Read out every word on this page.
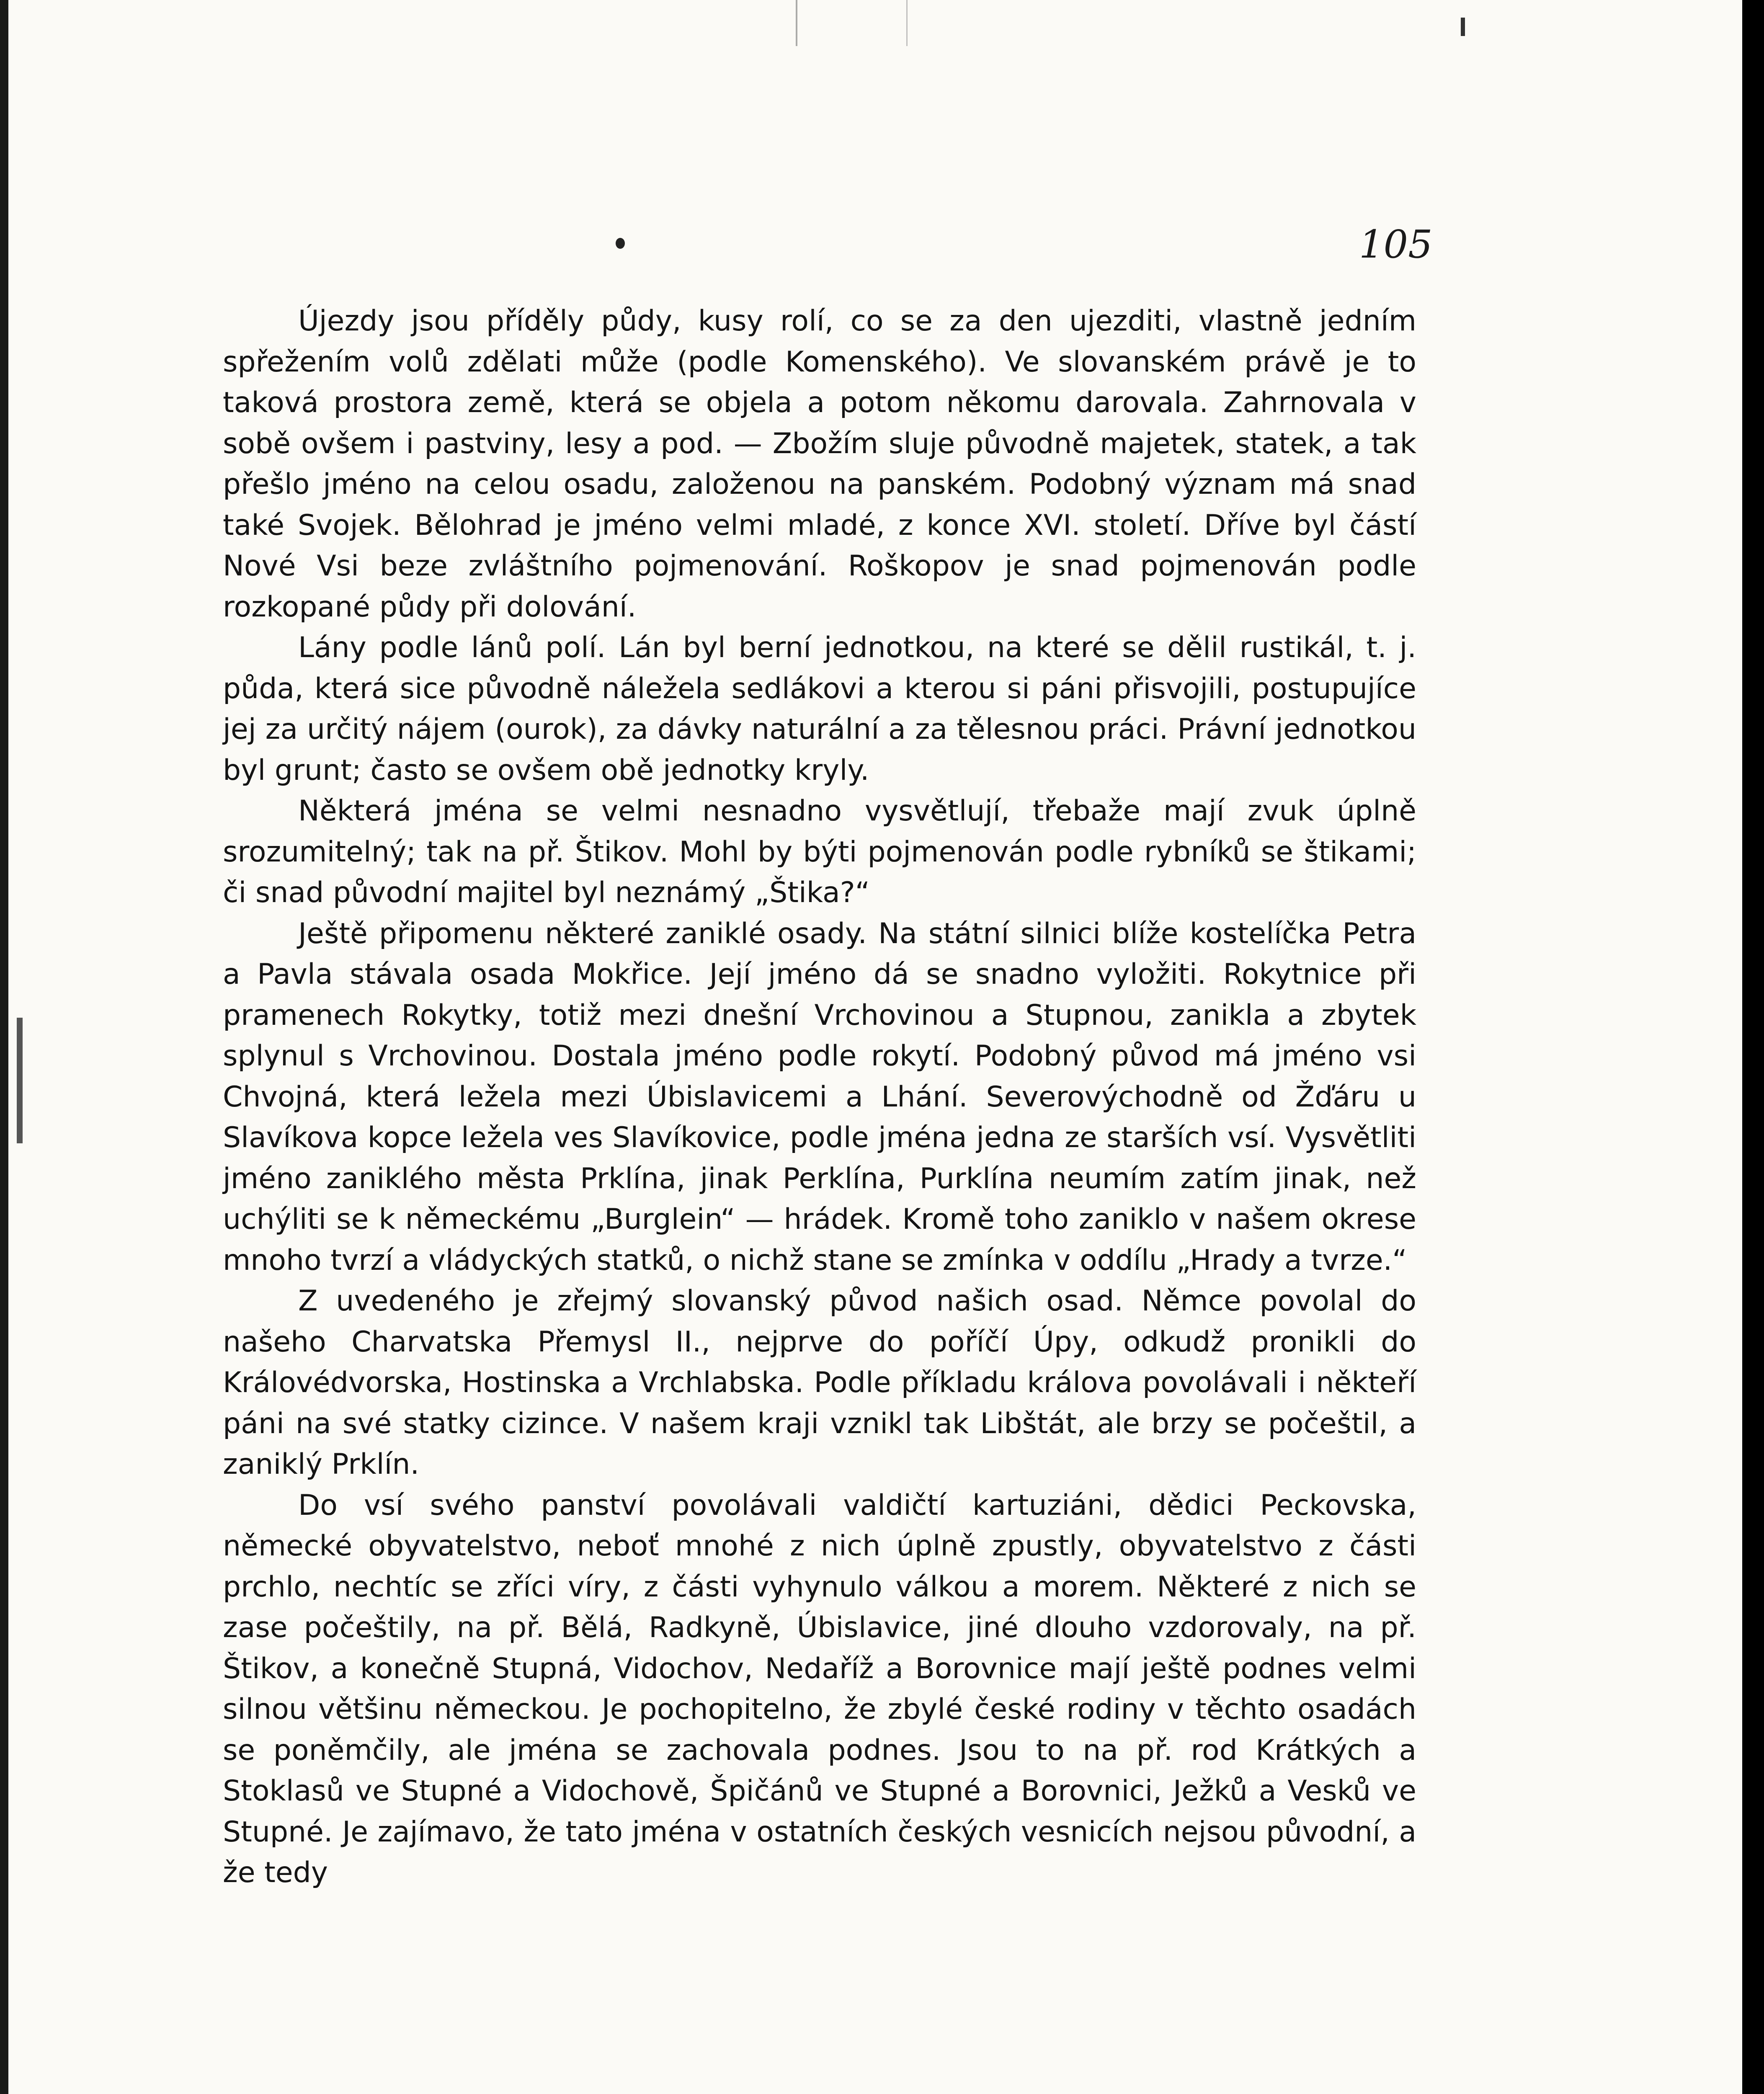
105

Újezdy jsou příděly půdy, kusy rolí, co se za den ujezditi, vlastně jedním spřežením volů zdělati může (podle Komenského). Ve slovanském právě je to taková prostora země, která se objela a potom někomu darovala. Zahrnovala v sobě ovšem i pastviny, lesy a pod. — Zbožím sluje původně majetek, statek, a tak přešlo jméno na celou osadu, založenou na panském. Podobný význam má snad také Svojek. Bělohrad je jméno velmi mladé, z konce XVI. století. Dříve byl částí Nové Vsi beze zvláštního pojmenování. Roškopov je snad pojmenován podle rozkopané půdy při dolování.

Lány podle lánů polí. Lán byl berní jednotkou, na které se dělil rustikál, t. j. půda, která sice původně náležela sedlákovi a kterou si páni přisvojili, postupujíce jej za určitý nájem (ourok), za dávky naturální a za tělesnou práci. Právní jednotkou byl grunt; často se ovšem obě jednotky kryly.

Některá jména se velmi nesnadno vysvětlují, třebaže mají zvuk úplně srozumitelný; tak na př. Štikov. Mohl by býti pojmenován podle rybníků se štikami; či snad původní majitel byl neznámý „Štika?“

Ještě připomenu některé zaniklé osady. Na státní silnici blíže kostelíčka Petra a Pavla stávala osada Mokřice. Její jméno dá se snadno vyložiti. Rokytnice při pramenech Rokytky, totiž mezi dnešní Vrchovinou a Stupnou, zanikla a zbytek splynul s Vrchovinou. Dostala jméno podle rokytí. Podobný původ má jméno vsi Chvojná, která ležela mezi Úbislavicemi a Lhání. Severovýchodně od Žďáru u Slavíkova kopce ležela ves Slavíkovice, podle jména jedna ze starších vsí. Vysvětliti jméno zaniklého města Prklína, jinak Perklína, Purklína neumím zatím jinak, než uchýliti se k německému „Burglein“ — hrádek. Kromě toho zaniklo v našem okrese mnoho tvrzí a vládyckých statků, o nichž stane se zmínka v oddílu „Hrady a tvrze.“

Z uvedeného je zřejmý slovanský původ našich osad. Němce povolal do našeho Charvatska Přemysl II., nejprve do poříčí Úpy, odkudž pronikli do Královédvorska, Hostinska a Vrchlabska. Podle příkladu králova povolávali i někteří páni na své statky cizince. V našem kraji vznikl tak Libštát, ale brzy se počeštil, a zaniklý Prklín.

Do vsí svého panství povolávali valdičtí kartuziáni, dědici Peckovska, německé obyvatelstvo, neboť mnohé z nich úplně zpustly, obyvatelstvo z části prchlo, nechtíc se zříci víry, z části vyhynulo válkou a morem. Některé z nich se zase počeštily, na př. Bělá, Radkyně, Úbislavice, jiné dlouho vzdorovaly, na př. Štikov, a konečně Stupná, Vidochov, Nedaříž a Borovnice mají ještě podnes velmi silnou většinu německou. Je pochopitelno, že zbylé české rodiny v těchto osadách se poněmčily, ale jména se zachovala podnes. Jsou to na př. rod Krátkých a Stoklasů ve Stupné a Vidochově, Špičánů ve Stupné a Borovnici, Ježků a Vesků ve Stupné. Je zajímavo, že tato jména v ostatních českých vesnicích nejsou původní, a že tedy
